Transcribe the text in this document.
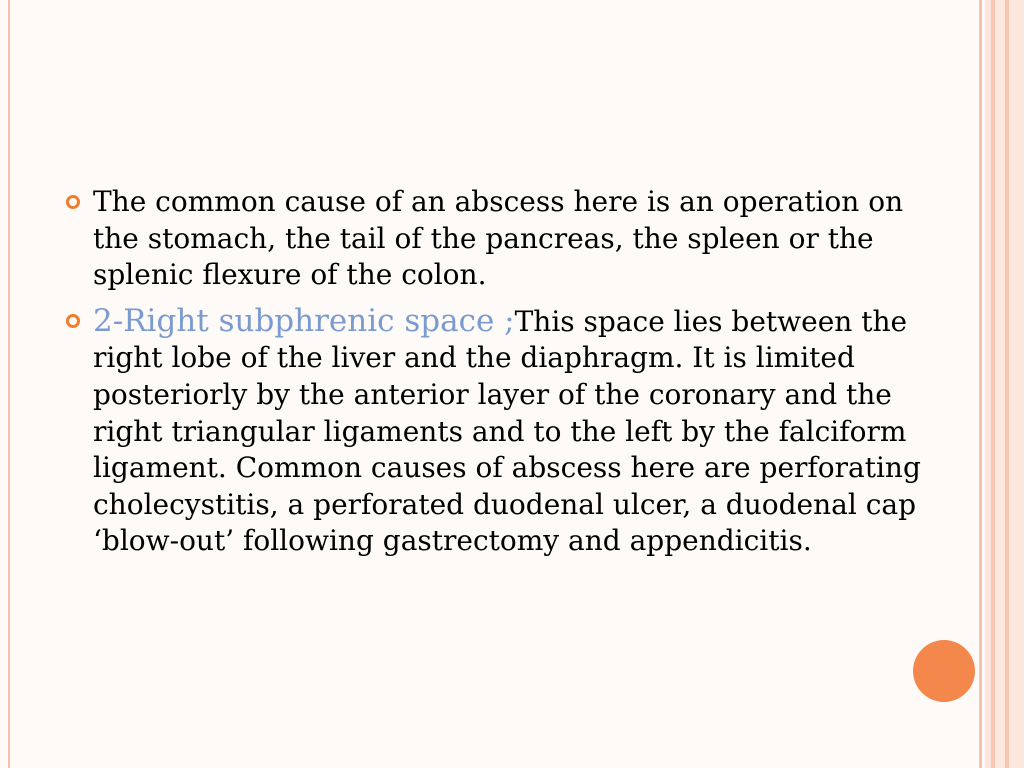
The common cause of an abscess here is an operation on the stomach, the tail of the pancreas, the spleen or the splenic flexure of the colon.

2-Right subphrenic space ;This space lies between the right lobe of the liver and the diaphragm. It is limited posteriorly by the anterior layer of the coronary and the right triangular ligaments and to the left by the falciform ligament. Common causes of abscess here are perforating cholecystitis, a perforated duodenal ulcer, a duodenal cap ‘blow-out’ following gastrectomy and appendicitis.
